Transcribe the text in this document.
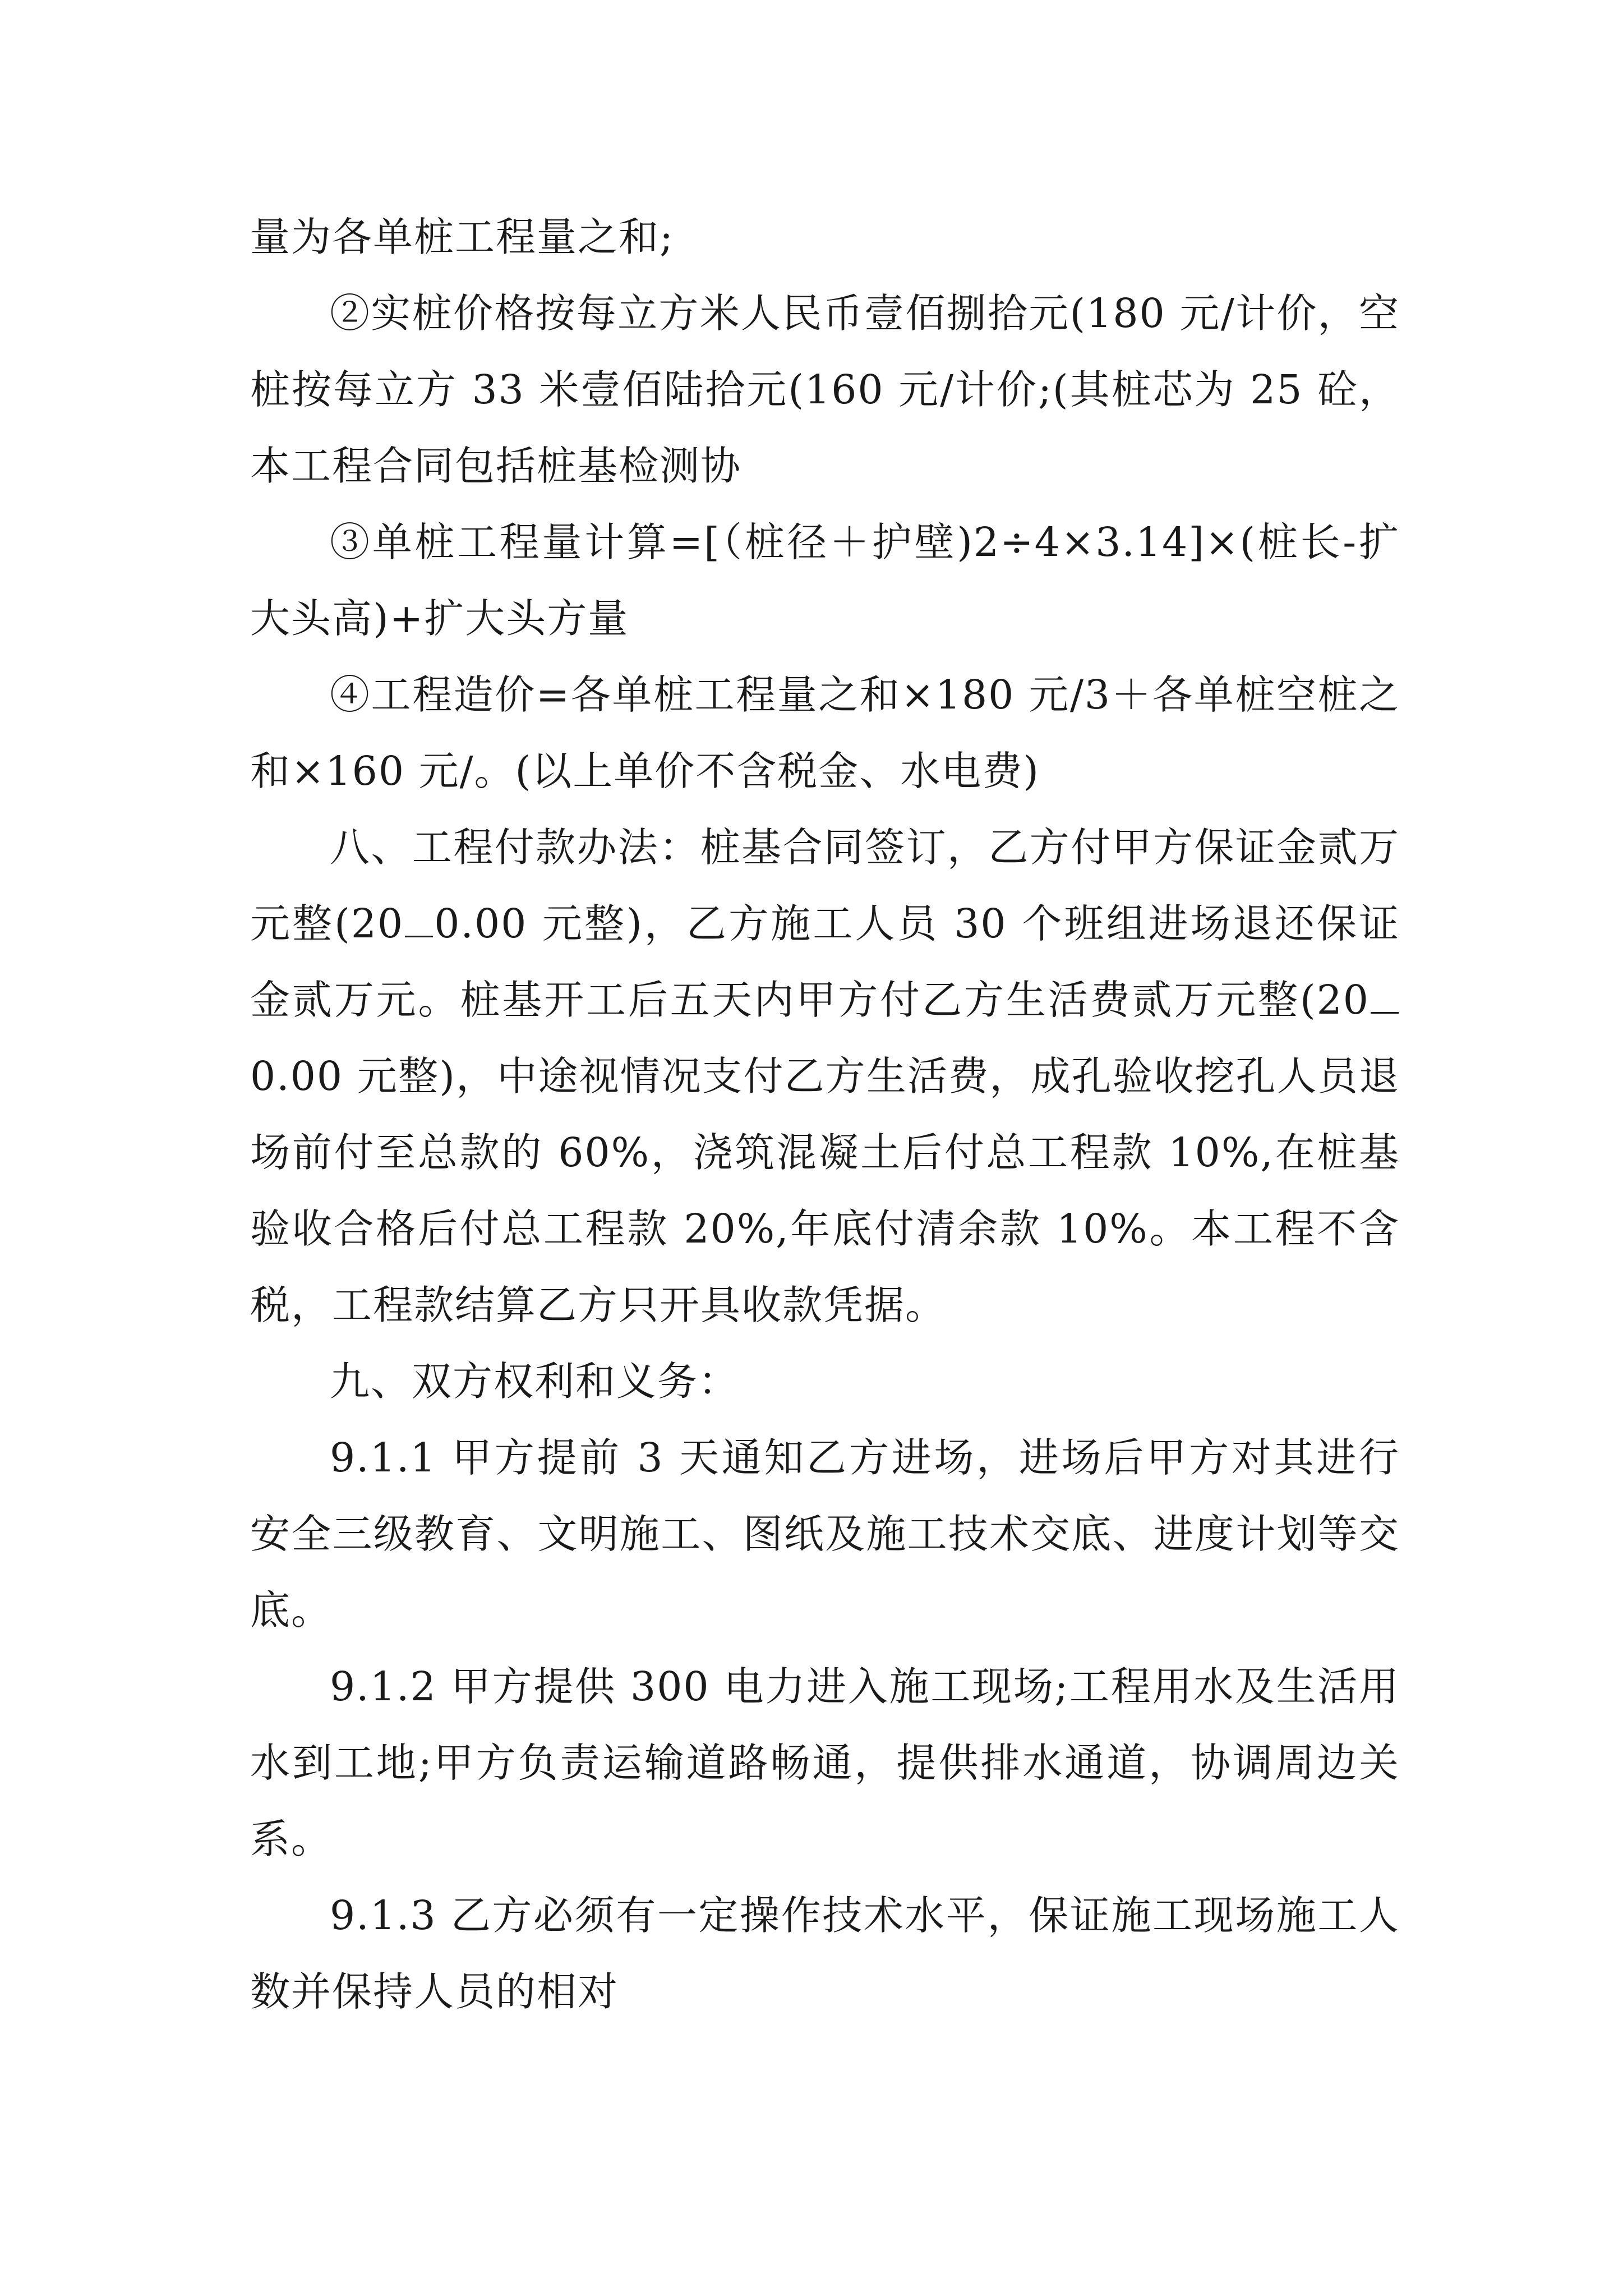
量为各单桩工程量之和;

②实桩价格按每立方米人民币壹佰捌拾元(180 元/计价，空桩按每立方 33 米壹佰陆拾元(160 元/计价;(其桩芯为 25 砼，本工程合同包括桩基检测协

③单桩工程量计算=[（桩径＋护壁)2÷4×3.14]×(桩长-扩大头高)+扩大头方量

④工程造价=各单桩工程量之和×180 元/3＋各单桩空桩之和×160 元/。(以上单价不含税金、水电费)

八、工程付款办法：桩基合同签订，乙方付甲方保证金贰万元整(20 0.00 元整)，乙方施工人员 30 个班组进场退还保证金贰万元。桩基开工后五天内甲方付乙方生活费贰万元整(200.00 元整)，中途视情况支付乙方生活费，成孔验收挖孔人员退场前付至总款的 60%，浇筑混凝土后付总工程款 10%,在桩基验收合格后付总工程款 20%,年底付清余款 10%。本工程不含税，工程款结算乙方只开具收款凭据。

九、双方权利和义务：

9.1.1 甲方提前 3 天通知乙方进场，进场后甲方对其进行安全三级教育、文明施工、图纸及施工技术交底、进度计划等交底。

9.1.2 甲方提供 300 电力进入施工现场;工程用水及生活用水到工地;甲方负责运输道路畅通，提供排水通道，协调周边关系。

9.1.3 乙方必须有一定操作技术水平，保证施工现场施工人数并保持人员的相对
